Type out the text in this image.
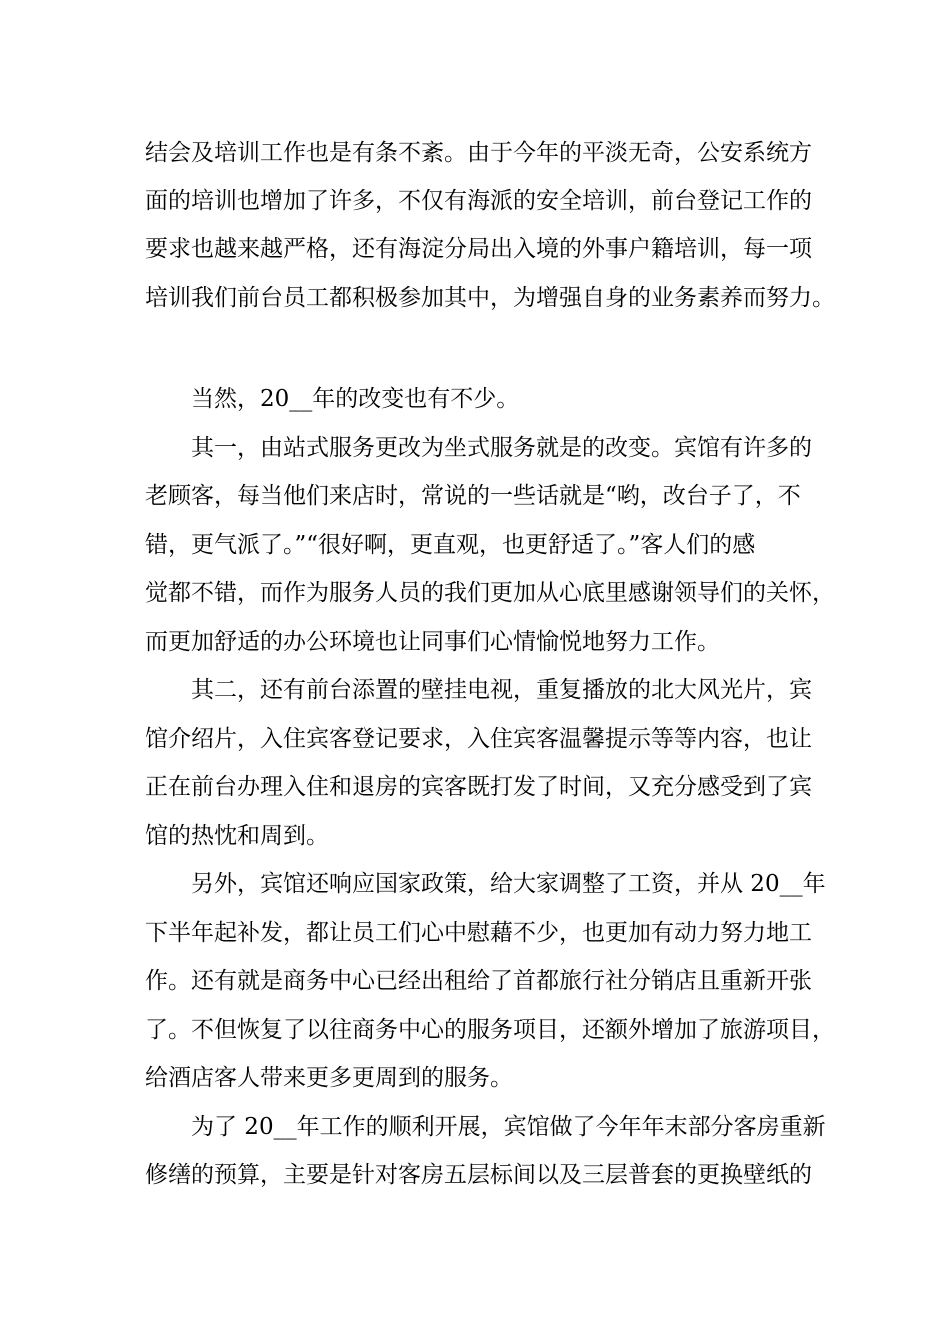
结会及培训工作也是有条不紊。由于今年的平淡无奇，公安系统方
面的培训也增加了许多，不仅有海派的安全培训，前台登记工作的
要求也越来越严格，还有海淀分局出入境的外事户籍培训，每一项
培训我们前台员工都积极参加其中，为增强自身的业务素养而努力。
当然，20__年的改变也有不少。
其一，由站式服务更改为坐式服务就是的改变。宾馆有许多的
老顾客，每当他们来店时，常说的一些话就是“哟，改台子了，不
错，更气派了。”“很好啊，更直观，也更舒适了。”客人们的感
觉都不错，而作为服务人员的我们更加从心底里感谢领导们的关怀，
而更加舒适的办公环境也让同事们心情愉悦地努力工作。
其二，还有前台添置的壁挂电视，重复播放的北大风光片，宾
馆介绍片，入住宾客登记要求，入住宾客温馨提示等等内容，也让
正在前台办理入住和退房的宾客既打发了时间，又充分感受到了宾
馆的热忱和周到。
另外，宾馆还响应国家政策，给大家调整了工资，并从 20__年
下半年起补发，都让员工们心中慰藉不少，也更加有动力努力地工
作。还有就是商务中心已经出租给了首都旅行社分销店且重新开张
了。不但恢复了以往商务中心的服务项目，还额外增加了旅游项目，
给酒店客人带来更多更周到的服务。
为了 20__年工作的顺利开展，宾馆做了今年年末部分客房重新
修缮的预算，主要是针对客房五层标间以及三层普套的更换壁纸的
